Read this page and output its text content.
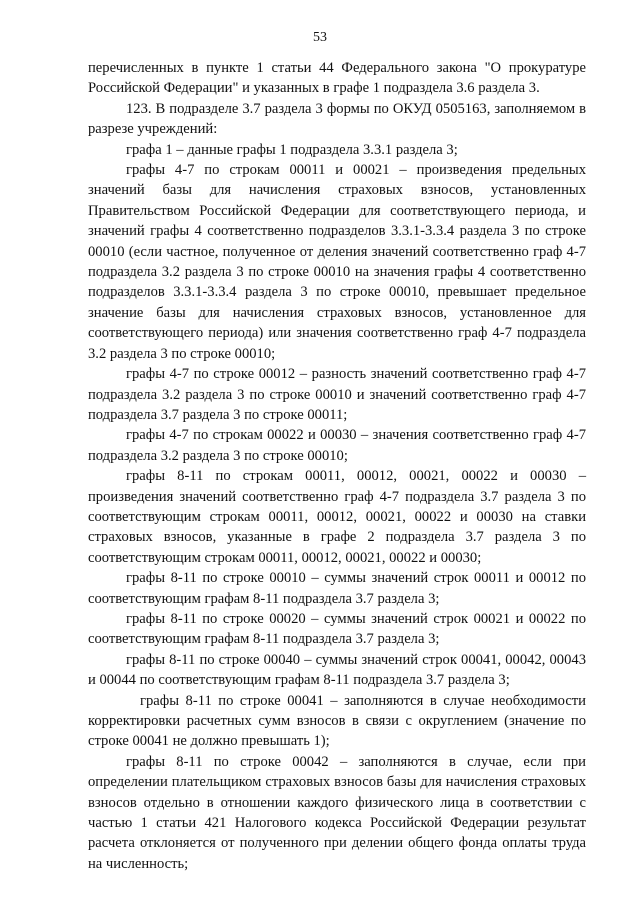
53

перечисленных в пункте 1 статьи 44 Федерального закона "О прокуратуре Российской Федерации" и указанных в графе 1 подраздела 3.6 раздела 3.

123. В подразделе 3.7 раздела 3 формы по ОКУД 0505163, заполняемом в разрезе учреждений:

графа 1 – данные графы 1 подраздела 3.3.1 раздела 3;

графы 4-7 по строкам 00011 и 00021 – произведения предельных значений базы для начисления страховых взносов, установленных Правительством Российской Федерации для соответствующего периода, и значений графы 4 соответственно подразделов 3.3.1-3.3.4 раздела 3 по строке 00010 (если частное, полученное от деления значений соответственно граф 4-7 подраздела 3.2 раздела 3 по строке 00010 на значения графы 4 соответственно подразделов 3.3.1-3.3.4 раздела 3 по строке 00010, превышает предельное значение базы для начисления страховых взносов, установленное для соответствующего периода) или значения соответственно граф 4-7 подраздела 3.2 раздела 3 по строке 00010;

графы 4-7 по строке 00012 – разность значений соответственно граф 4-7 подраздела 3.2 раздела 3 по строке 00010 и значений соответственно граф 4-7 подраздела 3.7 раздела 3 по строке 00011;

графы 4-7 по строкам 00022 и 00030 – значения соответственно граф 4-7 подраздела 3.2 раздела 3 по строке 00010;

графы 8-11 по строкам 00011, 00012, 00021, 00022 и 00030 – произведения значений соответственно граф 4-7 подраздела 3.7 раздела 3 по соответствующим строкам 00011, 00012, 00021, 00022 и 00030 на ставки страховых взносов, указанные в графе 2 подраздела 3.7 раздела 3 по соответствующим строкам 00011, 00012, 00021, 00022 и 00030;

графы 8-11 по строке 00010 – суммы значений строк 00011 и 00012 по соответствующим графам 8-11 подраздела 3.7 раздела 3;

графы 8-11 по строке 00020 – суммы значений строк 00021 и 00022 по соответствующим графам 8-11 подраздела 3.7 раздела 3;

графы 8-11 по строке 00040 – суммы значений строк 00041, 00042, 00043 и 00044 по соответствующим графам 8-11 подраздела 3.7 раздела 3;

графы 8-11 по строке 00041 – заполняются в случае необходимости корректировки расчетных сумм взносов в связи с округлением (значение по строке 00041 не должно превышать 1);

графы 8-11 по строке 00042 – заполняются в случае, если при определении плательщиком страховых взносов базы для начисления страховых взносов отдельно в отношении каждого физического лица в соответствии с частью 1 статьи 421 Налогового кодекса Российской Федерации результат расчета отклоняется от полученного при делении общего фонда оплаты труда на численность;
